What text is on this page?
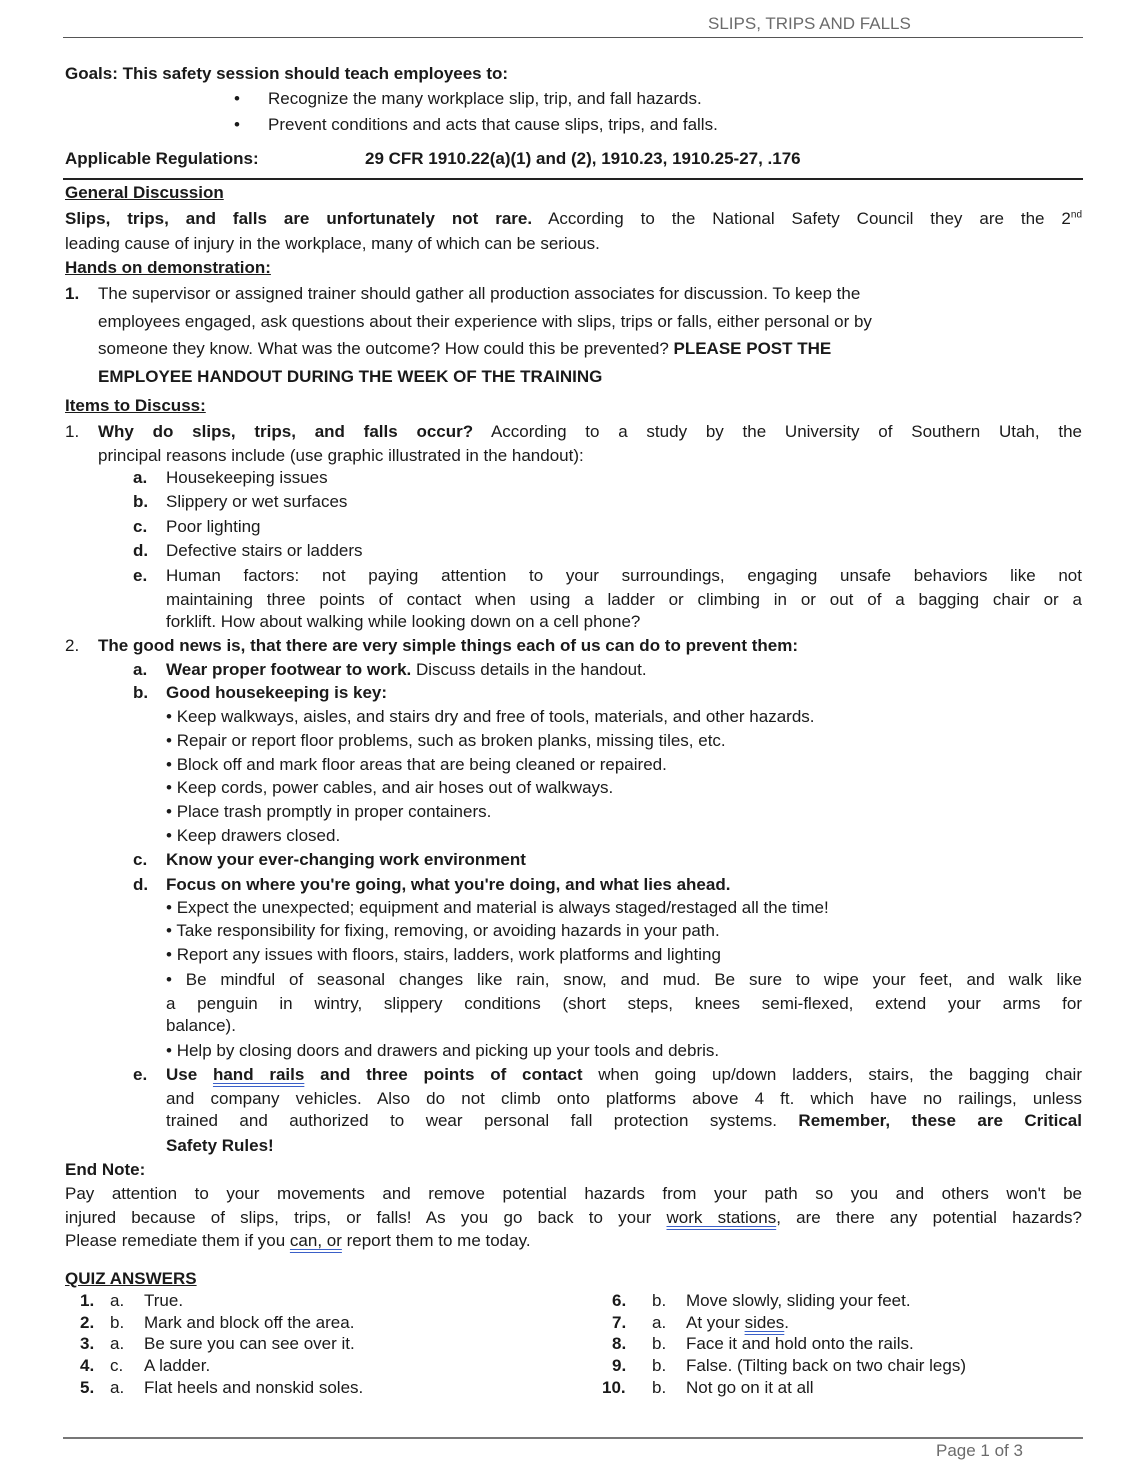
SLIPS, TRIPS AND FALLS
Goals: This safety session should teach employees to:
• Recognize the many workplace slip, trip, and fall hazards.
• Prevent conditions and acts that cause slips, trips, and falls.
Applicable Regulations:	29 CFR 1910.22(a)(1) and (2), 1910.23, 1910.25-27, .176
General Discussion
Slips, trips, and falls are unfortunately not rare. According to the National Safety Council they are the 2nd
leading cause of injury in the workplace, many of which can be serious.
Hands on demonstration:
1. The supervisor or assigned trainer should gather all production associates for discussion. To keep the
employees engaged, ask questions about their experience with slips, trips or falls, either personal or by
someone they know. What was the outcome? How could this be prevented? PLEASE POST THE
EMPLOYEE HANDOUT DURING THE WEEK OF THE TRAINING
Items to Discuss:
1. Why do slips, trips, and falls occur? According to a study by the University of Southern Utah, the
principal reasons include (use graphic illustrated in the handout):
a. Housekeeping issues
b. Slippery or wet surfaces
c. Poor lighting
d. Defective stairs or ladders
e. Human factors: not paying attention to your surroundings, engaging unsafe behaviors like not
maintaining three points of contact when using a ladder or climbing in or out of a bagging chair or a
forklift. How about walking while looking down on a cell phone?
2. The good news is, that there are very simple things each of us can do to prevent them:
a. Wear proper footwear to work. Discuss details in the handout.
b. Good housekeeping is key:
• Keep walkways, aisles, and stairs dry and free of tools, materials, and other hazards.
• Repair or report floor problems, such as broken planks, missing tiles, etc.
• Block off and mark floor areas that are being cleaned or repaired.
• Keep cords, power cables, and air hoses out of walkways.
• Place trash promptly in proper containers.
• Keep drawers closed.
c. Know your ever-changing work environment
d. Focus on where you're going, what you're doing, and what lies ahead.
• Expect the unexpected; equipment and material is always staged/restaged all the time!
• Take responsibility for fixing, removing, or avoiding hazards in your path.
• Report any issues with floors, stairs, ladders, work platforms and lighting
• Be mindful of seasonal changes like rain, snow, and mud. Be sure to wipe your feet, and walk like
a penguin in wintry, slippery conditions (short steps, knees semi-flexed, extend your arms for
balance).
• Help by closing doors and drawers and picking up your tools and debris.
e. Use hand rails and three points of contact when going up/down ladders, stairs, the bagging chair
and company vehicles. Also do not climb onto platforms above 4 ft. which have no railings, unless
trained and authorized to wear personal fall protection systems. Remember, these are Critical
Safety Rules!
End Note:
Pay attention to your movements and remove potential hazards from your path so you and others won't be
injured because of slips, trips, or falls! As you go back to your work stations, are there any potential hazards?
Please remediate them if you can, or report them to me today.
QUIZ ANSWERS
1. a. True.
2. b. Mark and block off the area.
3. a. Be sure you can see over it.
4. c. A ladder.
5. a. Flat heels and nonskid soles.
6. b. Move slowly, sliding your feet.
7. a. At your sides.
8. b. Face it and hold onto the rails.
9. b. False. (Tilting back on two chair legs)
10. b. Not go on it at all
Page 1 of 3
